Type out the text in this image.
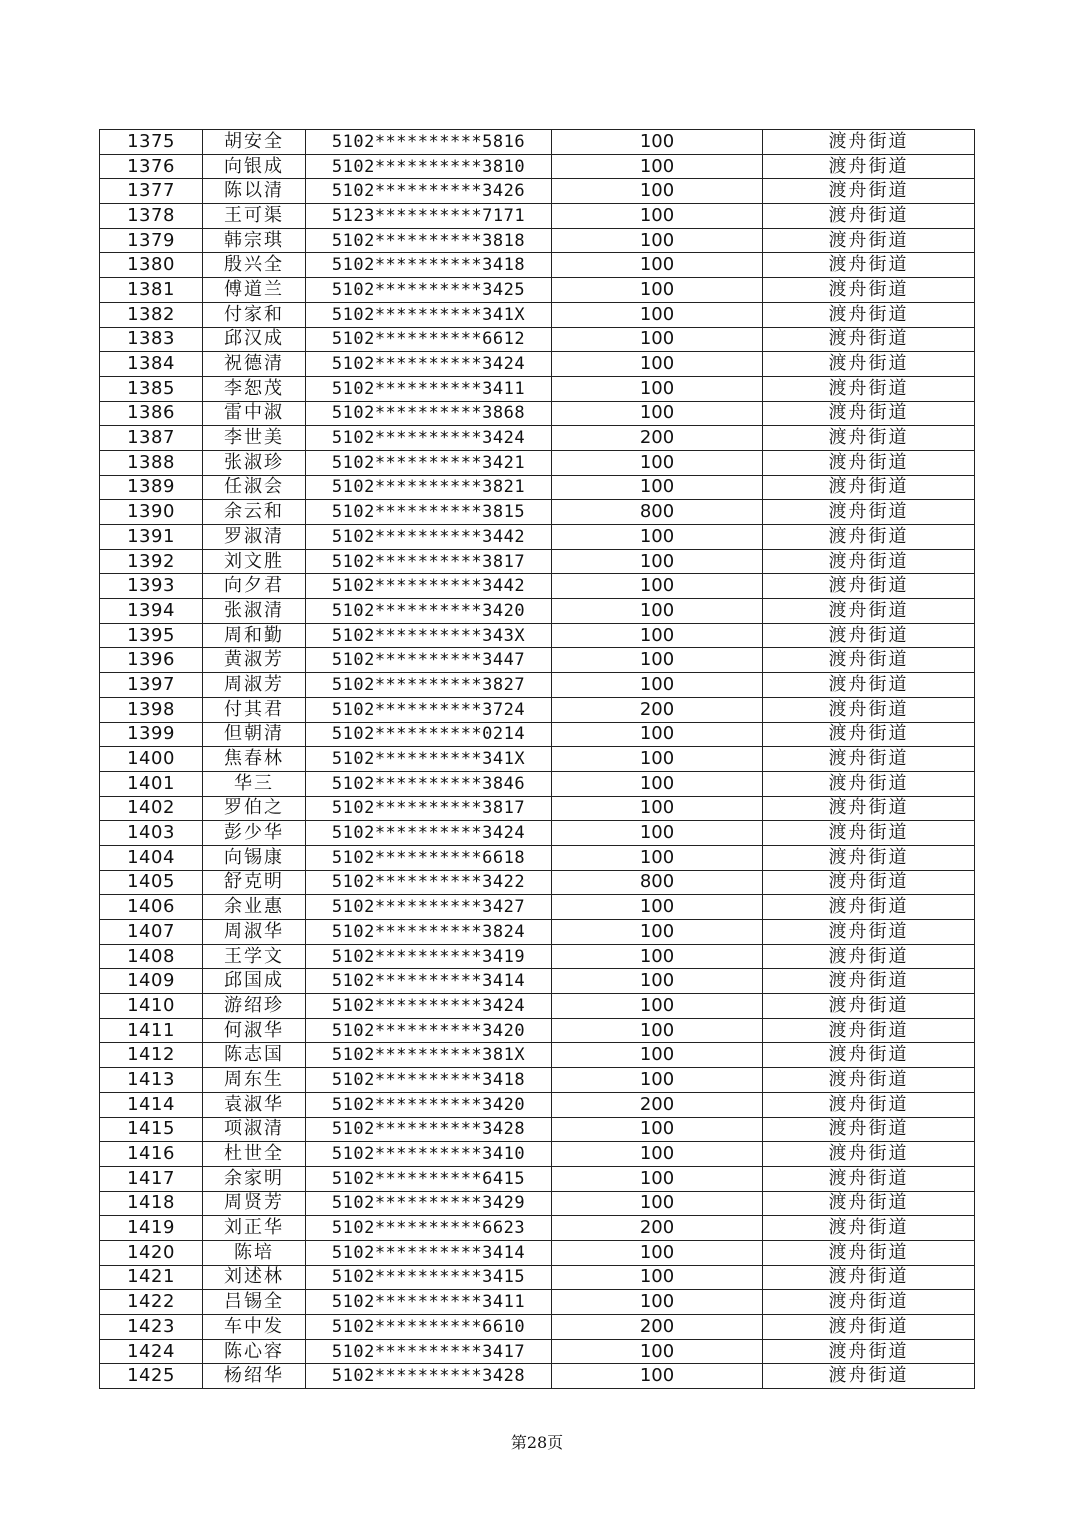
1375	胡安全	5102**********5816	100	渡舟街道
1376	向银成	5102**********3810	100	渡舟街道
1377	陈以清	5102**********3426	100	渡舟街道
1378	王可渠	5123**********7171	100	渡舟街道
1379	韩宗琪	5102**********3818	100	渡舟街道
1380	殷兴全	5102**********3418	100	渡舟街道
1381	傅道兰	5102**********3425	100	渡舟街道
1382	付家和	5102**********341X	100	渡舟街道
1383	邱汉成	5102**********6612	100	渡舟街道
1384	祝德清	5102**********3424	100	渡舟街道
1385	李恕茂	5102**********3411	100	渡舟街道
1386	雷中淑	5102**********3868	100	渡舟街道
1387	李世美	5102**********3424	200	渡舟街道
1388	张淑珍	5102**********3421	100	渡舟街道
1389	任淑会	5102**********3821	100	渡舟街道
1390	余云和	5102**********3815	800	渡舟街道
1391	罗淑清	5102**********3442	100	渡舟街道
1392	刘文胜	5102**********3817	100	渡舟街道
1393	向夕君	5102**********3442	100	渡舟街道
1394	张淑清	5102**********3420	100	渡舟街道
1395	周和勤	5102**********343X	100	渡舟街道
1396	黄淑芳	5102**********3447	100	渡舟街道
1397	周淑芳	5102**********3827	100	渡舟街道
1398	付其君	5102**********3724	200	渡舟街道
1399	但朝清	5102**********0214	100	渡舟街道
1400	焦春林	5102**********341X	100	渡舟街道
1401	华三	5102**********3846	100	渡舟街道
1402	罗伯之	5102**********3817	100	渡舟街道
1403	彭少华	5102**********3424	100	渡舟街道
1404	向锡康	5102**********6618	100	渡舟街道
1405	舒克明	5102**********3422	800	渡舟街道
1406	余业惠	5102**********3427	100	渡舟街道
1407	周淑华	5102**********3824	100	渡舟街道
1408	王学文	5102**********3419	100	渡舟街道
1409	邱国成	5102**********3414	100	渡舟街道
1410	游绍珍	5102**********3424	100	渡舟街道
1411	何淑华	5102**********3420	100	渡舟街道
1412	陈志国	5102**********381X	100	渡舟街道
1413	周东生	5102**********3418	100	渡舟街道
1414	袁淑华	5102**********3420	200	渡舟街道
1415	项淑清	5102**********3428	100	渡舟街道
1416	杜世全	5102**********3410	100	渡舟街道
1417	余家明	5102**********6415	100	渡舟街道
1418	周贤芳	5102**********3429	100	渡舟街道
1419	刘正华	5102**********6623	200	渡舟街道
1420	陈培	5102**********3414	100	渡舟街道
1421	刘述林	5102**********3415	100	渡舟街道
1422	吕锡全	5102**********3411	100	渡舟街道
1423	车中发	5102**********6610	200	渡舟街道
1424	陈心容	5102**********3417	100	渡舟街道
1425	杨绍华	5102**********3428	100	渡舟街道
第28页
